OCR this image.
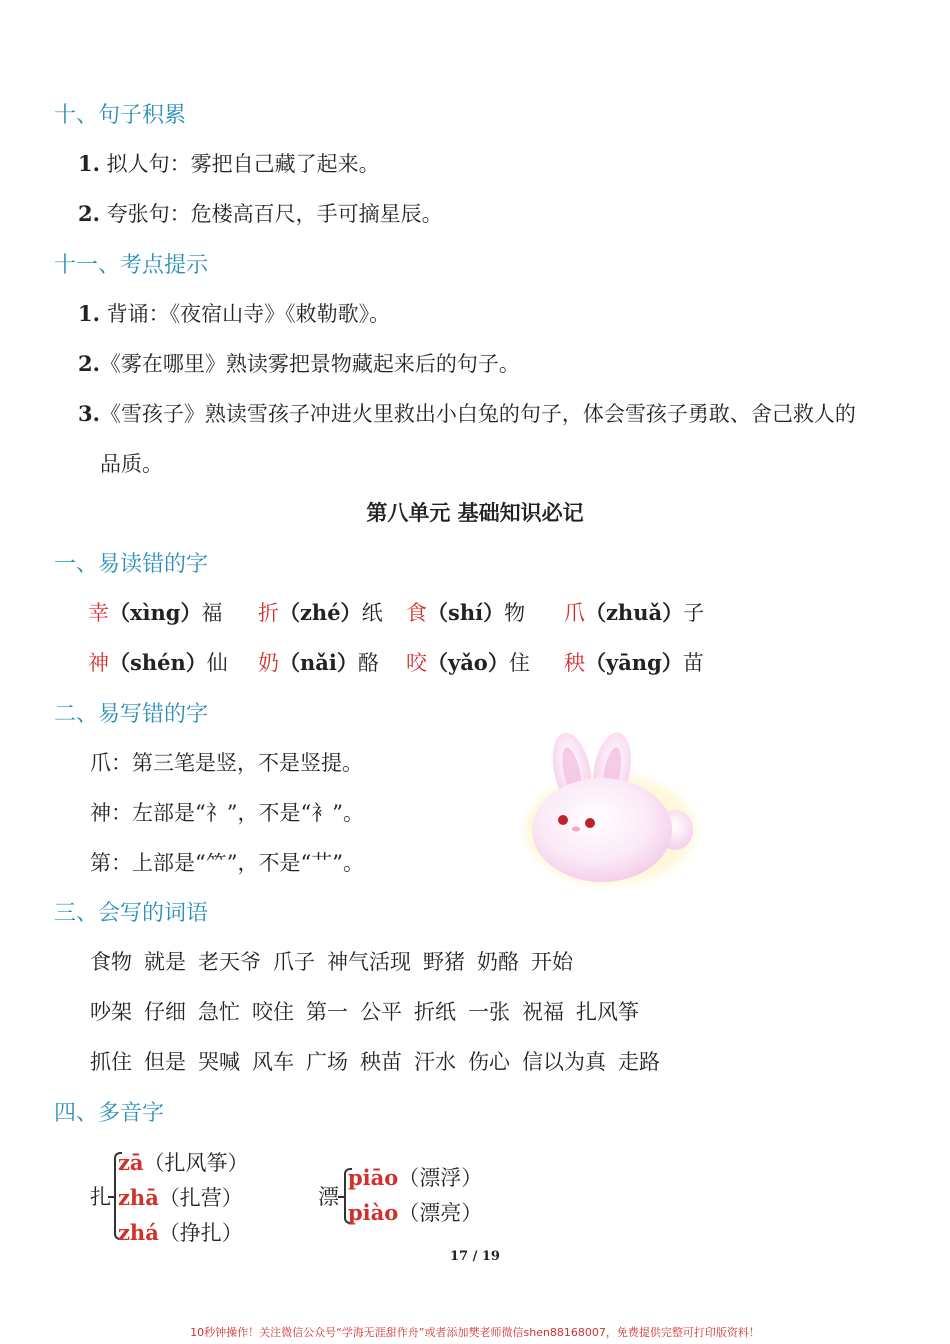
十、句子积累
1. 拟人句：雾把自己藏了起来。
2. 夸张句：危楼高百尺，手可摘星辰。
十一、考点提示
1. 背诵：《夜宿山寺》《敕勒歌》。
2.《雾在哪里》熟读雾把景物藏起来后的句子。
3.《雪孩子》熟读雪孩子冲进火里救出小白兔的句子，体会雪孩子勇敢、舍己救人的
品质。
第八单元 基础知识必记
一、易读错的字
幸（xìng）福	折（zhé）纸	食（shí）物	爪（zhuǎ）子
神（shén）仙	奶（nǎi）酪	咬（yǎo）住	秧（yāng）苗
二、易写错的字
爪：第三笔是竖，不是竖提。
神：左部是“礻”，不是“衤”。
第：上部是“⺮”，不是“艹”。
三、会写的词语
食物 就是 老天爷 爪子 神气活现 野猪 奶酪 开始
吵架 仔细 急忙 咬住 第一 公平 折纸 一张 祝福 扎风筝
抓住 但是 哭喊 风车 广场 秧苗 汗水 伤心 信以为真 走路
四、多音字
扎
zā（扎风筝）
zhā（扎营）
zhá（挣扎）
漂
piāo（漂浮）
piào（漂亮）
17 / 19
10秒钟操作！关注微信公众号“学海无涯甜作舟”或者添加樊老师微信shen88168007，免费提供完整可打印版资料！
